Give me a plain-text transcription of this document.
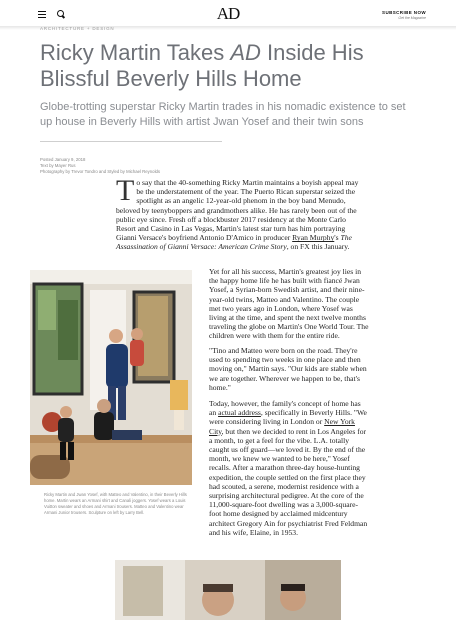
AD	SUBSCRIBE NOW
Get the Magazine
ARCHITECTURE + DESIGN
Ricky Martin Takes AD Inside His Blissful Beverly Hills Home

Globe-trotting superstar Ricky Martin trades in his nomadic existence to set up house in Beverly Hills with artist Jwan Yosef and their twin sons

Posted January 9, 2018
Text by Mayer Rus
Photography by Trevor Tondro and Styled by Michael Reynolds
To say that the 40-something Ricky Martin maintains a boyish appeal may be the understatement of the year. The Puerto Rican superstar seized the spotlight as an angelic 12-year-old phenom in the boy band Menudo, beloved by teenyboppers and grandmothers alike. He has rarely been out of the public eye since. Fresh off a blockbuster 2017 residency at the Monte Carlo Resort and Casino in Las Vegas, Martin's latest star turn has him portraying Gianni Versace's boyfriend Antonio D'Amico in producer Ryan Murphy's The Assassination of Gianni Versace: American Crime Story, on FX this January.

Ricky Martin and Jwan Yosef, with Matteo and Valentino, in their Beverly Hills home. Martin wears an Armani shirt and Canali joggers. Yosef wears a Louis Vuitton sweater and shoes and Armani trousers. Matteo and Valentino wear Armani Junior trousers. Sculpture on left by Larry Bell.

Yet for all his success, Martin's greatest joy lies in the happy home life he has built with fiancé Jwan Yosef, a Syrian-born Swedish artist, and their nine-year-old twins, Matteo and Valentino. The couple met two years ago in London, where Yosef was living at the time, and spent the next twelve months traveling the globe on Martin's One World Tour. The children were with them for the entire ride.

"Tino and Matteo were born on the road. They're used to spending two weeks in one place and then moving on," Martin says. "Our kids are stable when we are together. Wherever we happen to be, that's home."

Today, however, the family's concept of home has an actual address, specifically in Beverly Hills. "We were considering living in London or New York City, but then we decided to rent in Los Angeles for a month, to get a feel for the vibe. L.A. totally caught us off guard—we loved it. By the end of the month, we knew we wanted to be here," Yosef recalls. After a marathon three-day house-hunting expedition, the couple settled on the first place they had scouted, a serene, modernist residence with a surprising architectural pedigree. At the core of the 11,000-square-foot dwelling was a 3,000-square-foot home designed by acclaimed midcentury architect Gregory Ain for psychiatrist Fred Feldman and his wife, Elaine, in 1953.
